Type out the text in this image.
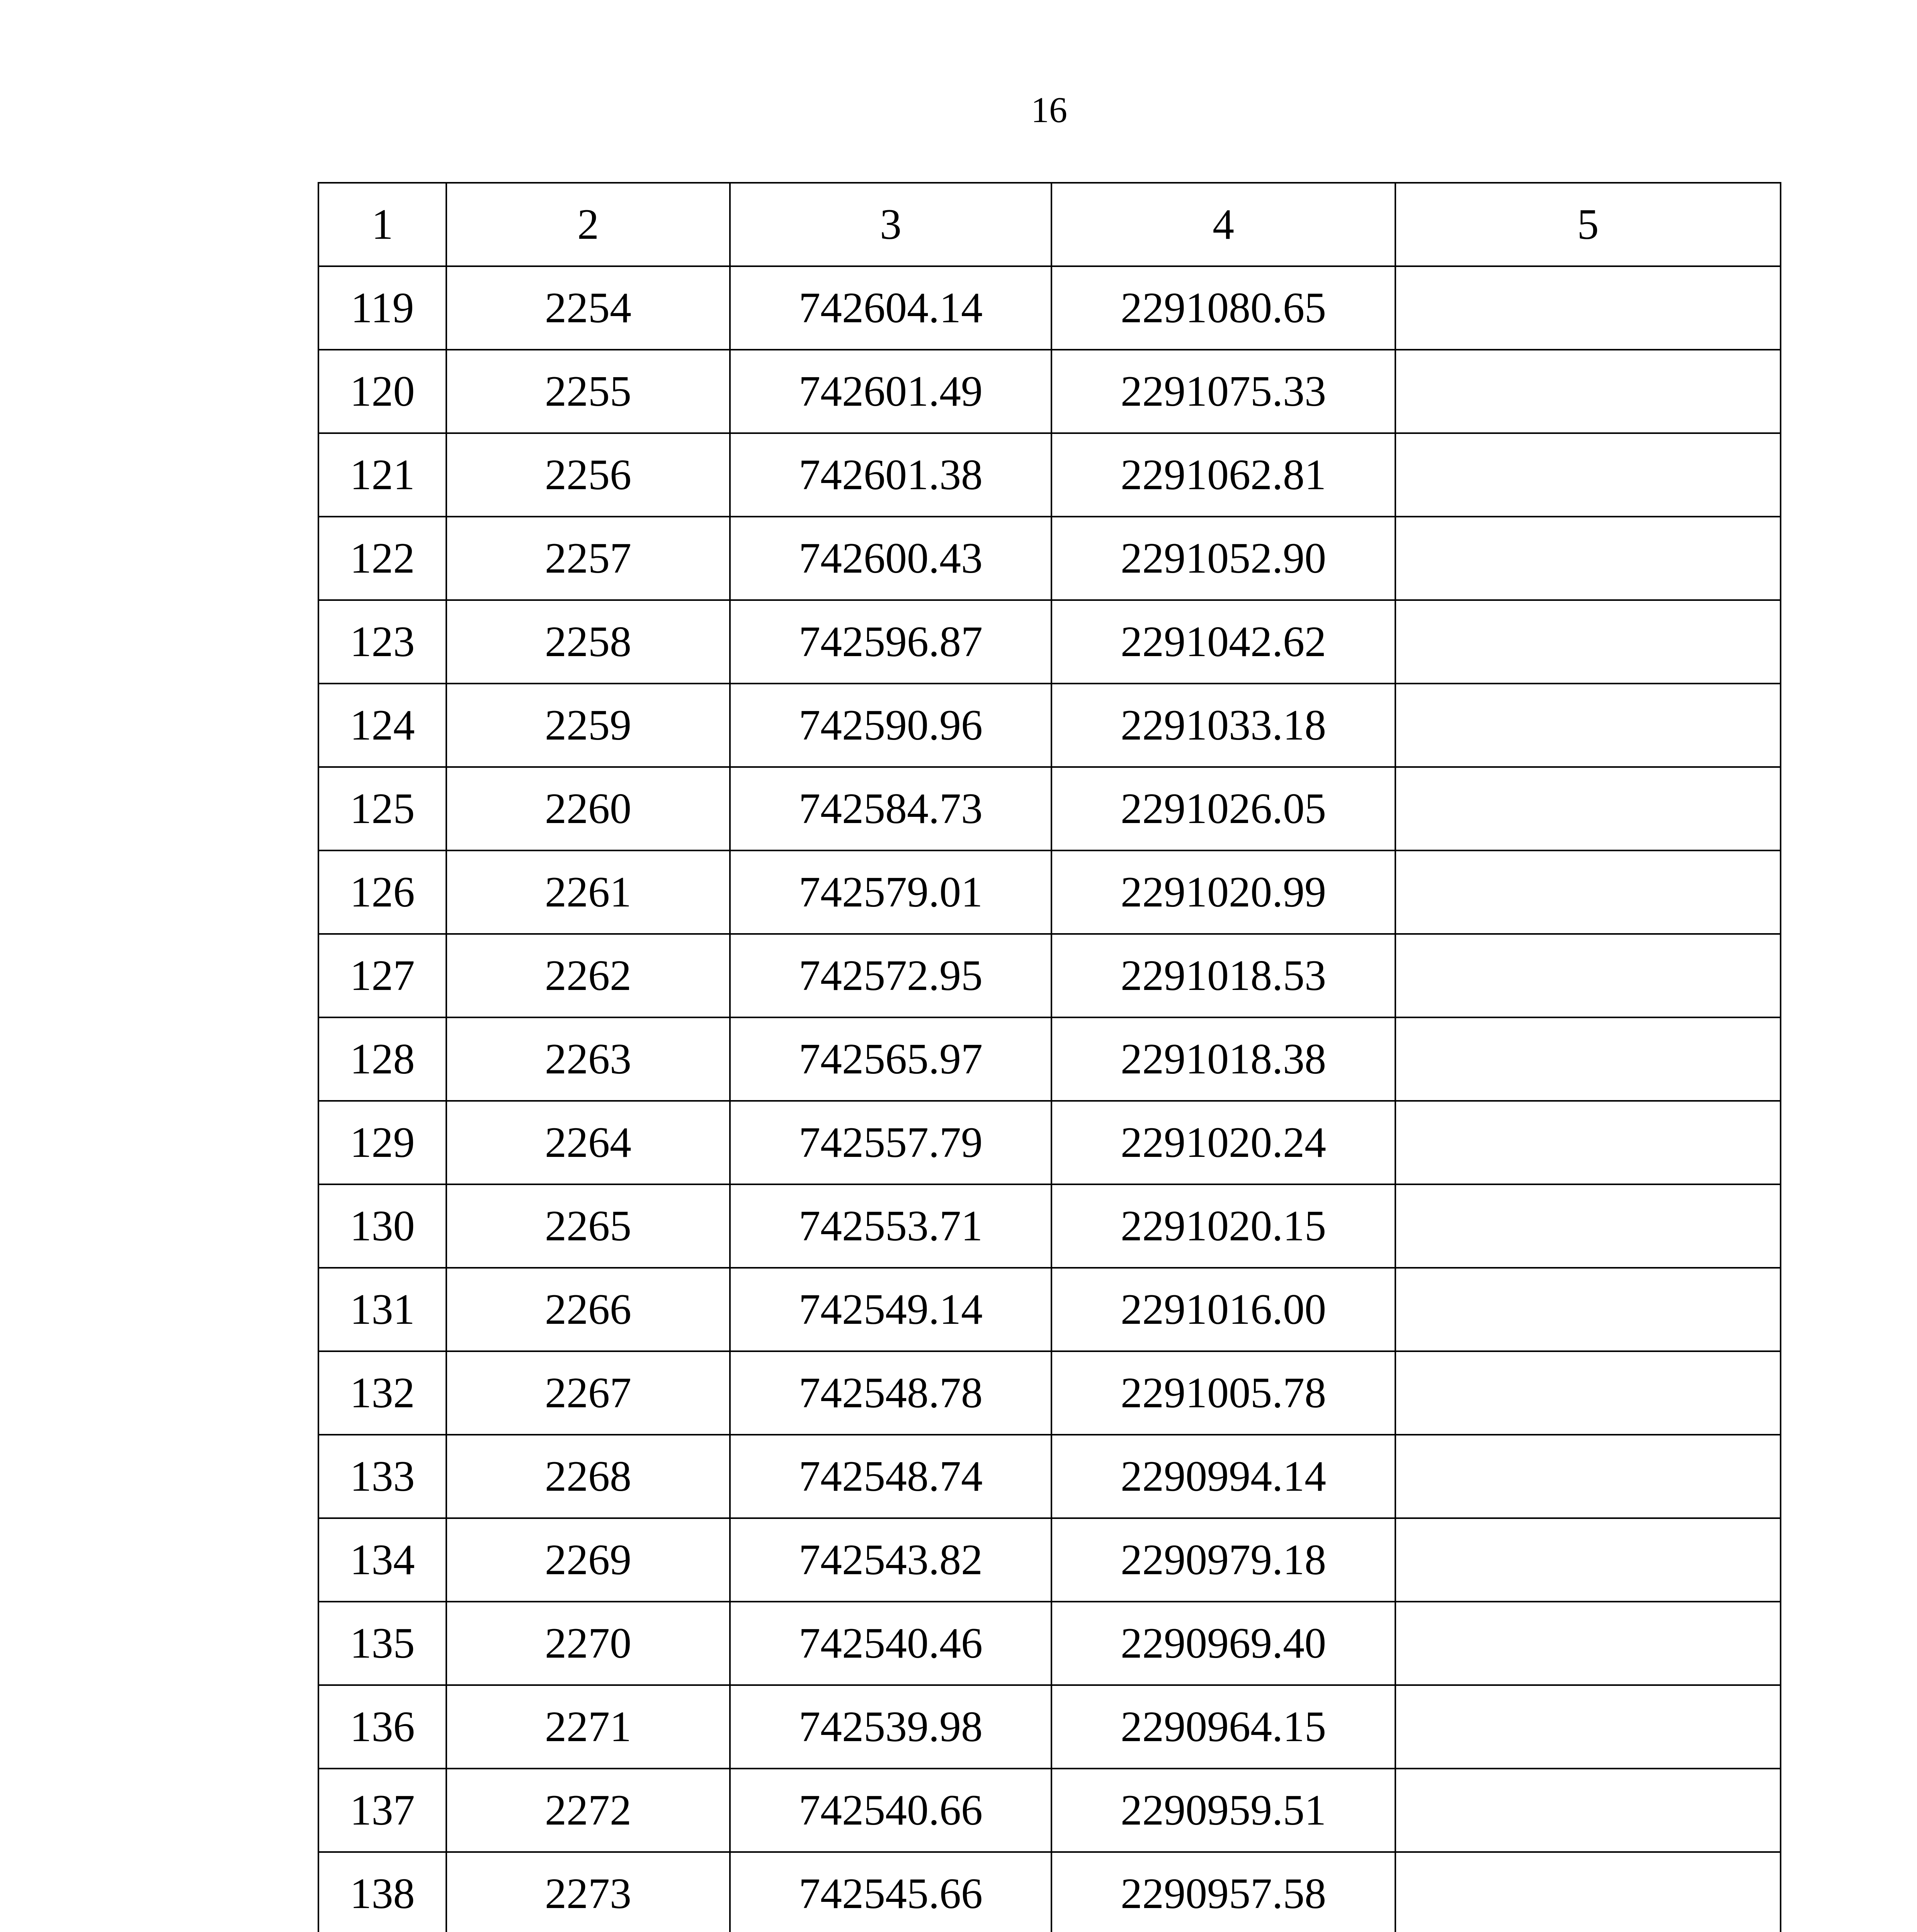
16
1	2	3	4	5
119	2254	742604.14	2291080.65	
120	2255	742601.49	2291075.33	
121	2256	742601.38	2291062.81	
122	2257	742600.43	2291052.90	
123	2258	742596.87	2291042.62	
124	2259	742590.96	2291033.18	
125	2260	742584.73	2291026.05	
126	2261	742579.01	2291020.99	
127	2262	742572.95	2291018.53	
128	2263	742565.97	2291018.38	
129	2264	742557.79	2291020.24	
130	2265	742553.71	2291020.15	
131	2266	742549.14	2291016.00	
132	2267	742548.78	2291005.78	
133	2268	742548.74	2290994.14	
134	2269	742543.82	2290979.18	
135	2270	742540.46	2290969.40	
136	2271	742539.98	2290964.15	
137	2272	742540.66	2290959.51	
138	2273	742545.66	2290957.58	
